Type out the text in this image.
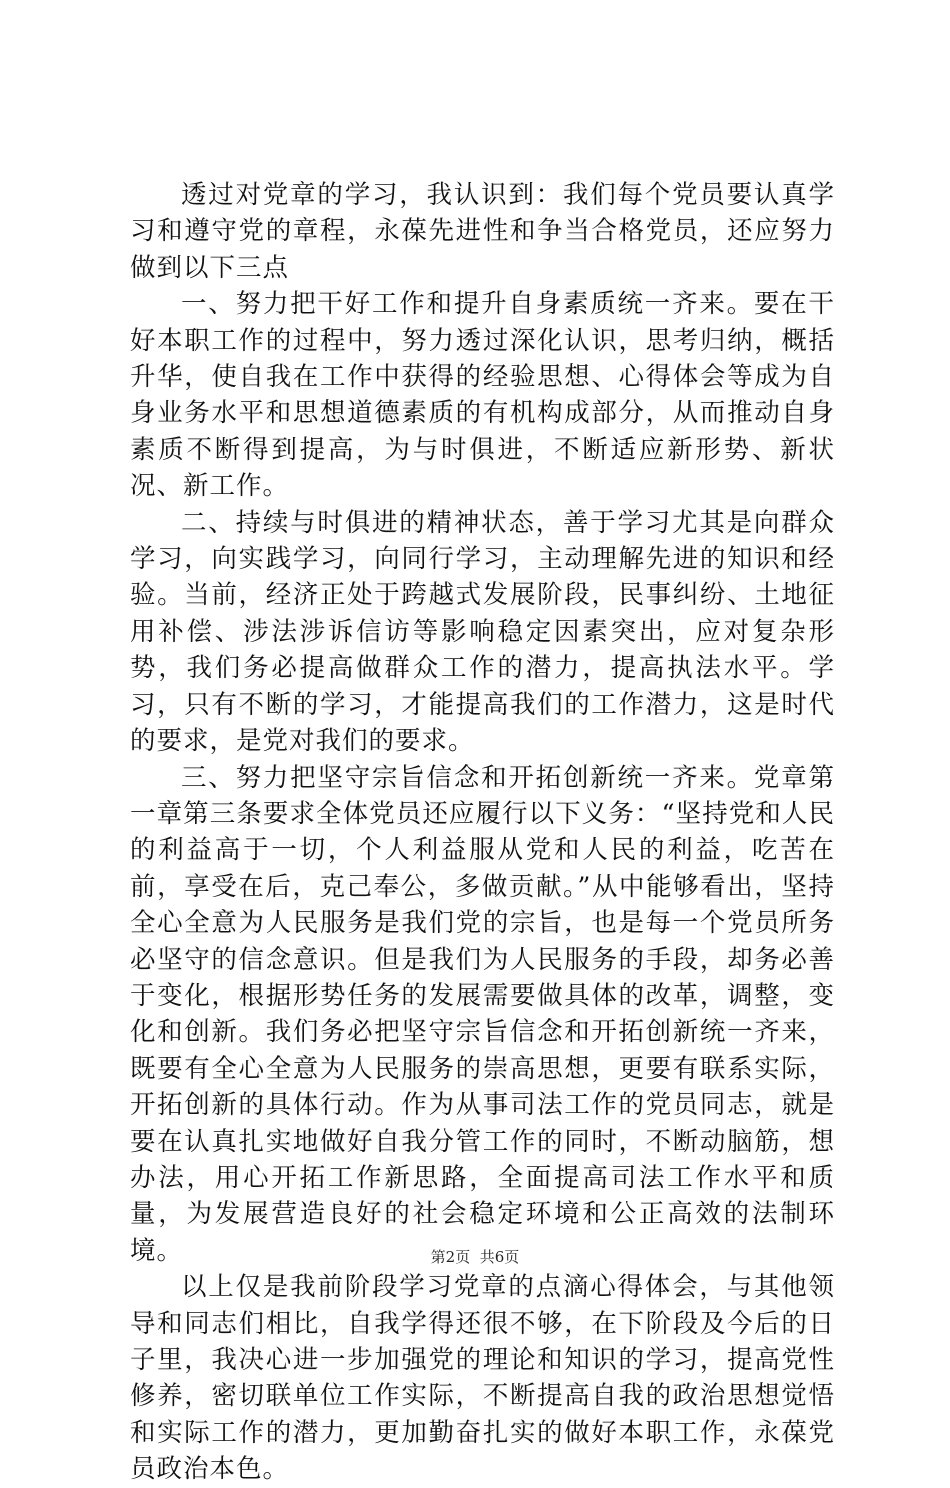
透过对党章的学习，我认识到：我们每个党员要认真学习和遵守党的章程，永葆先进性和争当合格党员，还应努力做到以下三点

一、努力把干好工作和提升自身素质统一齐来。要在干好本职工作的过程中，努力透过深化认识，思考归纳，概括升华，使自我在工作中获得的经验思想、心得体会等成为自身业务水平和思想道德素质的有机构成部分，从而推动自身素质不断得到提高，为与时俱进，不断适应新形势、新状况、新工作。

二、持续与时俱进的精神状态，善于学习尤其是向群众学习，向实践学习，向同行学习，主动理解先进的知识和经验。当前，经济正处于跨越式发展阶段，民事纠纷、土地征用补偿、涉法涉诉信访等影响稳定因素突出，应对复杂形势，我们务必提高做群众工作的潜力，提高执法水平。学习，只有不断的学习，才能提高我们的工作潜力，这是时代的要求，是党对我们的要求。

三、努力把坚守宗旨信念和开拓创新统一齐来。党章第一章第三条要求全体党员还应履行以下义务：“坚持党和人民的利益高于一切，个人利益服从党和人民的利益，吃苦在前，享受在后，克己奉公，多做贡献。”从中能够看出，坚持全心全意为人民服务是我们党的宗旨，也是每一个党员所务必坚守的信念意识。但是我们为人民服务的手段，却务必善于变化，根据形势任务的发展需要做具体的改革，调整，变化和创新。我们务必把坚守宗旨信念和开拓创新统一齐来，既要有全心全意为人民服务的崇高思想，更要有联系实际，开拓创新的具体行动。作为从事司法工作的党员同志，就是要在认真扎实地做好自我分管工作的同时，不断动脑筋，想办法，用心开拓工作新思路，全面提高司法工作水平和质量，为发展营造良好的社会稳定环境和公正高效的法制环境。

以上仅是我前阶段学习党章的点滴心得体会，与其他领导和同志们相比，自我学得还很不够，在下阶段及今后的日子里，我决心进一步加强党的理论和知识的学习，提高党性修养，密切联单位工作实际，不断提高自我的政治思想觉悟和实际工作的潜力，更加勤奋扎实的做好本职工作，永葆党员政治本色。

第2页 共6页
